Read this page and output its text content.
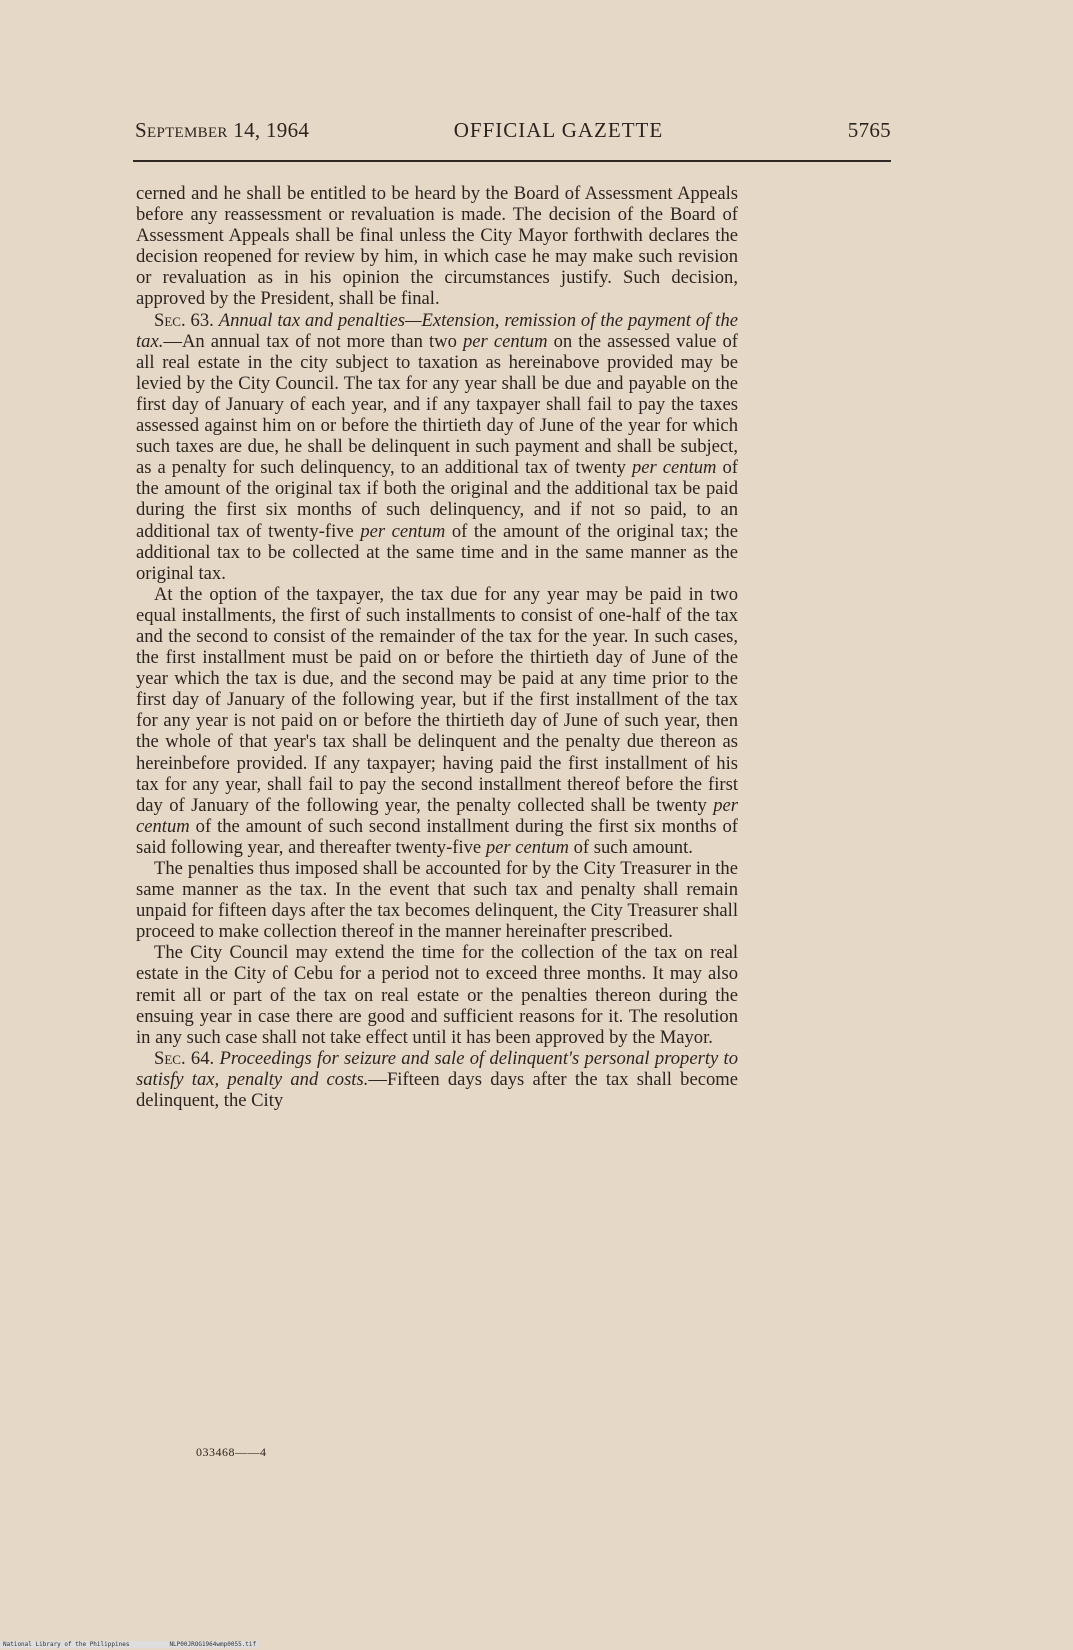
September 14, 1964	OFFICIAL GAZETTE	5765

cerned and he shall be entitled to be heard by the Board of Assessment Appeals before any reassessment or revaluation is made. The decision of the Board of Assessment Appeals shall be final unless the City Mayor forthwith declares the decision reopened for review by him, in which case he may make such revision or revaluation as in his opinion the circumstances justify. Such decision, approved by the President, shall be final.

Sec. 63. Annual tax and penalties—Extension, remission of the payment of the tax.—An annual tax of not more than two per centum on the assessed value of all real estate in the city subject to taxation as hereinabove provided may be levied by the City Council. The tax for any year shall be due and payable on the first day of January of each year, and if any taxpayer shall fail to pay the taxes assessed against him on or before the thirtieth day of June of the year for which such taxes are due, he shall be delinquent in such payment and shall be subject, as a penalty for such delinquency, to an additional tax of twenty per centum of the amount of the original tax if both the original and the additional tax be paid during the first six months of such delinquency, and if not so paid, to an additional tax of twenty-five per centum of the amount of the original tax; the additional tax to be collected at the same time and in the same manner as the original tax.

At the option of the taxpayer, the tax due for any year may be paid in two equal installments, the first of such installments to consist of one-half of the tax and the second to consist of the remainder of the tax for the year. In such cases, the first installment must be paid on or before the thirtieth day of June of the year which the tax is due, and the second may be paid at any time prior to the first day of January of the following year, but if the first installment of the tax for any year is not paid on or before the thirtieth day of June of such year, then the whole of that year's tax shall be delinquent and the penalty due thereon as hereinbefore provided. If any taxpayer; having paid the first installment of his tax for any year, shall fail to pay the second installment thereof before the first day of January of the following year, the penalty collected shall be twenty per centum of the amount of such second installment during the first six months of said following year, and thereafter twenty-five per centum of such amount.

The penalties thus imposed shall be accounted for by the City Treasurer in the same manner as the tax. In the event that such tax and penalty shall remain unpaid for fifteen days after the tax becomes delinquent, the City Treasurer shall proceed to make collection thereof in the manner hereinafter prescribed.

The City Council may extend the time for the collection of the tax on real estate in the City of Cebu for a period not to exceed three months. It may also remit all or part of the tax on real estate or the penalties thereon during the ensuing year in case there are good and sufficient reasons for it. The resolution in any such case shall not take effect until it has been approved by the Mayor.

Sec. 64. Proceedings for seizure and sale of delinquent's personal property to satisfy tax, penalty and costs.—Fifteen days days after the tax shall become delinquent, the City

033468——4
National Library of the Philippines	NLP00JROG1964wmp0055.tif
